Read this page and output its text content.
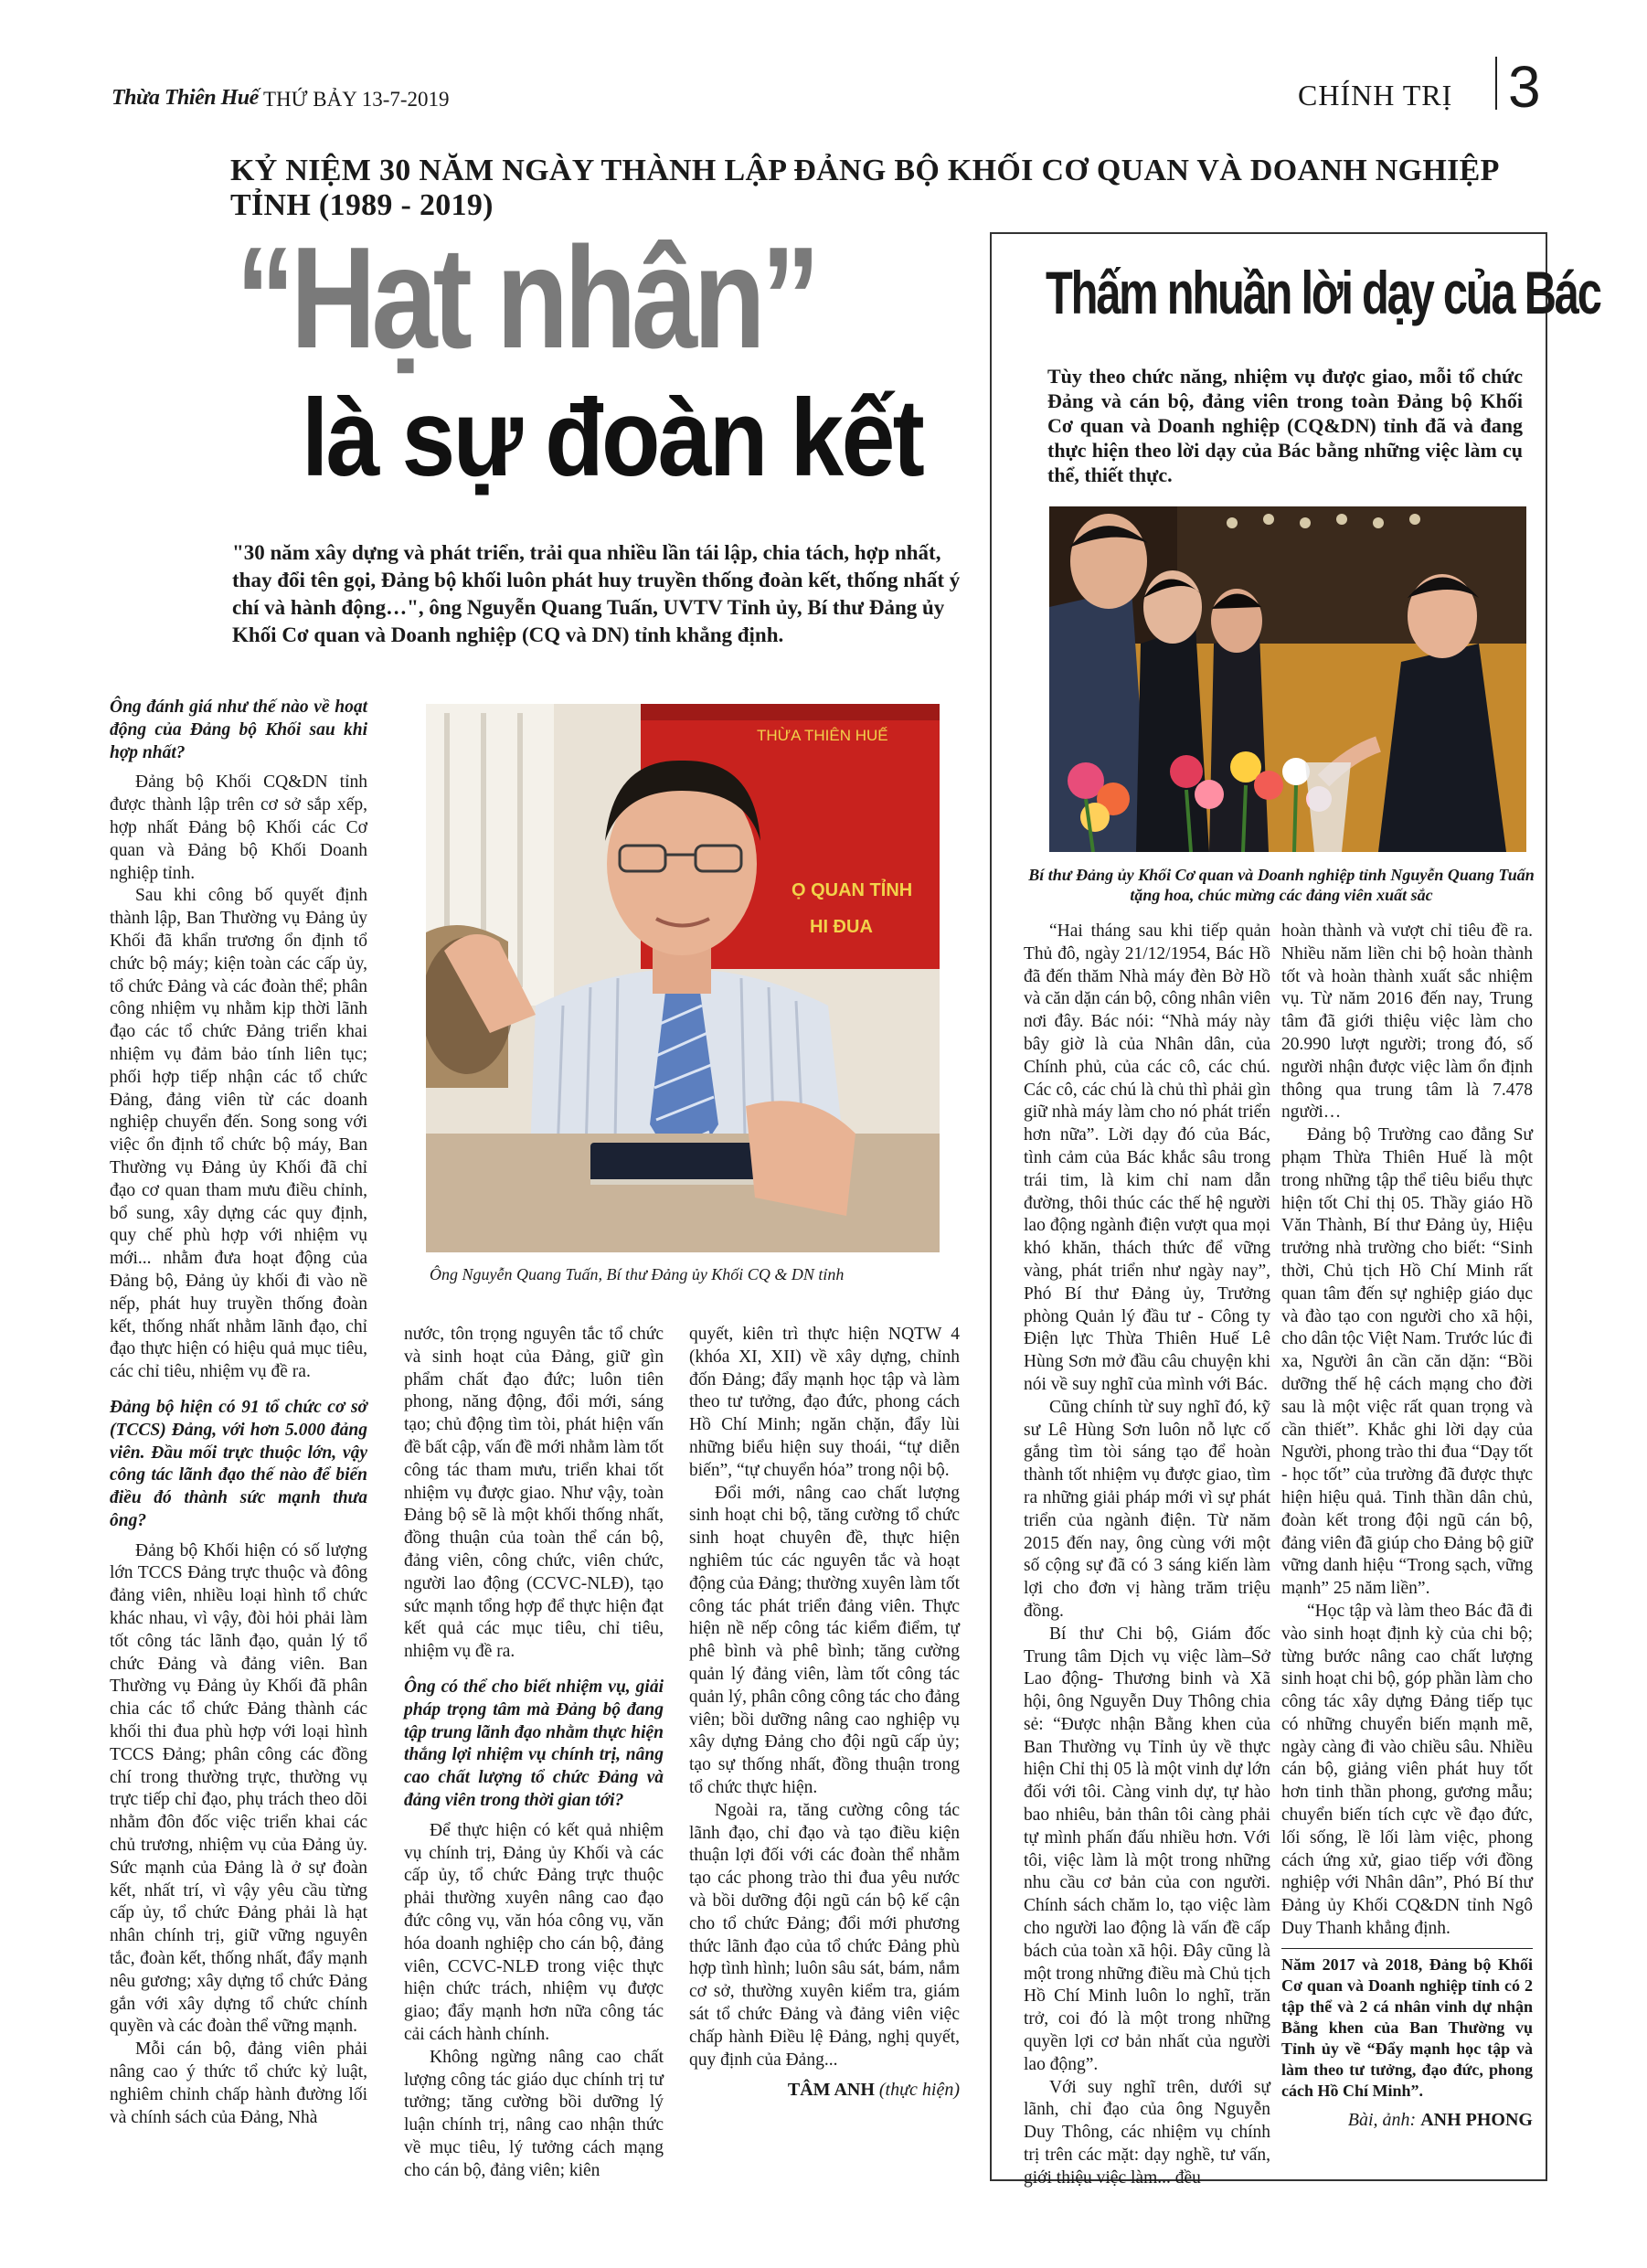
Thừa Thiên Huế THỨ BẢY 13-7-2019	CHÍNH TRỊ 3
KỶ NIỆM 30 NĂM NGÀY THÀNH LẬP ĐẢNG BỘ KHỐI CƠ QUAN VÀ DOANH NGHIỆP TỈNH (1989 - 2019)
“Hạt nhân”
là sự đoàn kết
"30 năm xây dựng và phát triển, trải qua nhiều lần tái lập, chia tách, hợp nhất, thay đổi tên gọi, Đảng bộ khối luôn phát huy truyền thống đoàn kết, thống nhất ý chí và hành động…", ông Nguyễn Quang Tuấn, UVTV Tỉnh ủy, Bí thư Đảng ủy Khối Cơ quan và Doanh nghiệp (CQ và DN) tỉnh khẳng định.
THỪA THIÊN HUẾ
Ọ QUAN TỈNH
HI ĐUA
Ông Nguyễn Quang Tuấn, Bí thư Đảng ủy Khối CQ & DN tỉnh

Ông đánh giá như thế nào về hoạt động của Đảng bộ Khối sau khi hợp nhất?

Đảng bộ Khối CQ&DN tỉnh được thành lập trên cơ sở sắp xếp, hợp nhất Đảng bộ Khối các Cơ quan và Đảng bộ Khối Doanh nghiệp tỉnh.

Sau khi công bố quyết định thành lập, Ban Thường vụ Đảng ủy Khối đã khẩn trương ổn định tổ chức bộ máy; kiện toàn các cấp ủy, tổ chức Đảng và các đoàn thể; phân công nhiệm vụ nhằm kịp thời lãnh đạo các tổ chức Đảng triển khai nhiệm vụ đảm bảo tính liên tục; phối hợp tiếp nhận các tổ chức Đảng, đảng viên từ các doanh nghiệp chuyển đến. Song song với việc ổn định tổ chức bộ máy, Ban Thường vụ Đảng ủy Khối đã chỉ đạo cơ quan tham mưu điều chỉnh, bổ sung, xây dựng các quy định, quy chế phù hợp với nhiệm vụ mới... nhằm đưa hoạt động của Đảng bộ, Đảng ủy khối đi vào nề nếp, phát huy truyền thống đoàn kết, thống nhất nhằm lãnh đạo, chỉ đạo thực hiện có hiệu quả mục tiêu, các chỉ tiêu, nhiệm vụ đề ra.

Đảng bộ hiện có 91 tổ chức cơ sở (TCCS) Đảng, với hơn 5.000 đảng viên. Đầu mối trực thuộc lớn, vậy công tác lãnh đạo thế nào để biến điều đó thành sức mạnh thưa ông?

Đảng bộ Khối hiện có số lượng lớn TCCS Đảng trực thuộc và đông đảng viên, nhiều loại hình tổ chức khác nhau, vì vậy, đòi hỏi phải làm tốt công tác lãnh đạo, quản lý tổ chức Đảng và đảng viên. Ban Thường vụ Đảng ủy Khối đã phân chia các tổ chức Đảng thành các khối thi đua phù hợp với loại hình TCCS Đảng; phân công các đồng chí trong thường trực, thường vụ trực tiếp chỉ đạo, phụ trách theo dõi nhằm đôn đốc việc triển khai các chủ trương, nhiệm vụ của Đảng ủy. Sức mạnh của Đảng là ở sự đoàn kết, nhất trí, vì vậy yêu cầu từng cấp ủy, tổ chức Đảng phải là hạt nhân chính trị, giữ vững nguyên tắc, đoàn kết, thống nhất, đẩy mạnh nêu gương; xây dựng tổ chức Đảng gắn với xây dựng tổ chức chính quyền và các đoàn thể vững mạnh.

Mỗi cán bộ, đảng viên phải nâng cao ý thức tổ chức kỷ luật, nghiêm chỉnh chấp hành đường lối và chính sách của Đảng, Nhà

nước, tôn trọng nguyên tắc tổ chức và sinh hoạt của Đảng, giữ gìn phẩm chất đạo đức; luôn tiên phong, năng động, đổi mới, sáng tạo; chủ động tìm tòi, phát hiện vấn đề bất cập, vấn đề mới nhằm làm tốt công tác tham mưu, triển khai tốt nhiệm vụ được giao. Như vậy, toàn Đảng bộ sẽ là một khối thống nhất, đồng thuận của toàn thể cán bộ, đảng viên, công chức, viên chức, người lao động (CCVC-NLĐ), tạo sức mạnh tổng hợp để thực hiện đạt kết quả các mục tiêu, chỉ tiêu, nhiệm vụ đề ra.

Ông có thể cho biết nhiệm vụ, giải pháp trọng tâm mà Đảng bộ đang tập trung lãnh đạo nhằm thực hiện thắng lợi nhiệm vụ chính trị, nâng cao chất lượng tổ chức Đảng và đảng viên trong thời gian tới?

Để thực hiện có kết quả nhiệm vụ chính trị, Đảng ủy Khối và các cấp ủy, tổ chức Đảng trực thuộc phải thường xuyên nâng cao đạo đức công vụ, văn hóa công vụ, văn hóa doanh nghiệp cho cán bộ, đảng viên, CCVC-NLĐ trong việc thực hiện chức trách, nhiệm vụ được giao; đẩy mạnh hơn nữa công tác cải cách hành chính.

Không ngừng nâng cao chất lượng công tác giáo dục chính trị tư tưởng; tăng cường bồi dưỡng lý luận chính trị, nâng cao nhận thức về mục tiêu, lý tưởng cách mạng cho cán bộ, đảng viên; kiên

quyết, kiên trì thực hiện NQTW 4 (khóa XI, XII) về xây dựng, chỉnh đốn Đảng; đẩy mạnh học tập và làm theo tư tưởng, đạo đức, phong cách Hồ Chí Minh; ngăn chặn, đẩy lùi những biểu hiện suy thoái, “tự diễn biến”, “tự chuyển hóa” trong nội bộ.

Đổi mới, nâng cao chất lượng sinh hoạt chi bộ, tăng cường tổ chức sinh hoạt chuyên đề, thực hiện nghiêm túc các nguyên tắc và hoạt động của Đảng; thường xuyên làm tốt công tác phát triển đảng viên. Thực hiện nề nếp công tác kiểm điểm, tự phê bình và phê bình; tăng cường quản lý đảng viên, làm tốt công tác quản lý, phân công công tác cho đảng viên; bồi dưỡng nâng cao nghiệp vụ xây dựng Đảng cho đội ngũ cấp ủy; tạo sự thống nhất, đồng thuận trong tổ chức thực hiện.

Ngoài ra, tăng cường công tác lãnh đạo, chỉ đạo và tạo điều kiện thuận lợi đối với các đoàn thể nhằm tạo các phong trào thi đua yêu nước và bồi dưỡng đội ngũ cán bộ kế cận cho tổ chức Đảng; đổi mới phương thức lãnh đạo của tổ chức Đảng phù hợp tình hình; luôn sâu sát, bám, nắm cơ sở, thường xuyên kiểm tra, giám sát tổ chức Đảng và đảng viên việc chấp hành Điều lệ Đảng, nghị quyết, quy định của Đảng...

TÂM ANH (thực hiện)
Thấm nhuần lời dạy của Bác
Tùy theo chức năng, nhiệm vụ được giao, mỗi tổ chức Đảng và cán bộ, đảng viên trong toàn Đảng bộ Khối Cơ quan và Doanh nghiệp (CQ&DN) tỉnh đã và đang thực hiện theo lời dạy của Bác bằng những việc làm cụ thể, thiết thực.
Bí thư Đảng ủy Khối Cơ quan và Doanh nghiệp tỉnh Nguyễn Quang Tuấn tặng hoa, chúc mừng các đảng viên xuất sắc

“Hai tháng sau khi tiếp quản Thủ đô, ngày 21/12/1954, Bác Hồ đã đến thăm Nhà máy đèn Bờ Hồ và căn dặn cán bộ, công nhân viên nơi đây. Bác nói: “Nhà máy này bây giờ là của Nhân dân, của Chính phủ, của các cô, các chú. Các cô, các chú là chủ thì phải gìn giữ nhà máy làm cho nó phát triển hơn nữa”. Lời dạy đó của Bác, tình cảm của Bác khắc sâu trong trái tim, là kim chỉ nam dẫn đường, thôi thúc các thế hệ người lao động ngành điện vượt qua mọi khó khăn, thách thức để vững vàng, phát triển như ngày nay”, Phó Bí thư Đảng ủy, Trưởng phòng Quản lý đầu tư - Công ty Điện lực Thừa Thiên Huế Lê Hùng Sơn mở đầu câu chuyện khi nói về suy nghĩ của mình với Bác.

Cũng chính từ suy nghĩ đó, kỹ sư Lê Hùng Sơn luôn nỗ lực cố gắng tìm tòi sáng tạo để hoàn thành tốt nhiệm vụ được giao, tìm ra những giải pháp mới vì sự phát triển của ngành điện. Từ năm 2015 đến nay, ông cùng với một số cộng sự đã có 3 sáng kiến làm lợi cho đơn vị hàng trăm triệu đồng.

Bí thư Chi bộ, Giám đốc Trung tâm Dịch vụ việc làm–Sở Lao động- Thương binh và Xã hội, ông Nguyễn Duy Thông chia sẻ: “Được nhận Bằng khen của Ban Thường vụ Tỉnh ủy về thực hiện Chỉ thị 05 là một vinh dự lớn đối với tôi. Càng vinh dự, tự hào bao nhiêu, bản thân tôi càng phải tự mình phấn đấu nhiều hơn. Với tôi, việc làm là một trong những nhu cầu cơ bản của con người. Chính sách chăm lo, tạo việc làm cho người lao động là vấn đề cấp bách của toàn xã hội. Đây cũng là một trong những điều mà Chủ tịch Hồ Chí Minh luôn lo nghĩ, trăn trở, coi đó là một trong những quyền lợi cơ bản nhất của người lao động”.

Với suy nghĩ trên, dưới sự lãnh, chỉ đạo của ông Nguyễn Duy Thông, các nhiệm vụ chính trị trên các mặt: dạy nghề, tư vấn, giới thiệu việc làm... đều

hoàn thành và vượt chỉ tiêu đề ra. Nhiều năm liền chi bộ hoàn thành tốt và hoàn thành xuất sắc nhiệm vụ. Từ năm 2016 đến nay, Trung tâm đã giới thiệu việc làm cho 20.990 lượt người; trong đó, số người nhận được việc làm ổn định thông qua trung tâm là 7.478 người…

Đảng bộ Trường cao đẳng Sư phạm Thừa Thiên Huế là một trong những tập thể tiêu biểu thực hiện tốt Chỉ thị 05. Thầy giáo Hồ Văn Thành, Bí thư Đảng ủy, Hiệu trưởng nhà trường cho biết: “Sinh thời, Chủ tịch Hồ Chí Minh rất quan tâm đến sự nghiệp giáo dục và đào tạo con người cho xã hội, cho dân tộc Việt Nam. Trước lúc đi xa, Người ân cần căn dặn: “Bồi dưỡng thế hệ cách mạng cho đời sau là một việc rất quan trọng và cần thiết”. Khắc ghi lời dạy của Người, phong trào thi đua “Dạy tốt - học tốt” của trường đã được thực hiện hiệu quả. Tinh thần dân chủ, đoàn kết trong đội ngũ cán bộ, đảng viên đã giúp cho Đảng bộ giữ vững danh hiệu “Trong sạch, vững mạnh” 25 năm liền”.

“Học tập và làm theo Bác đã đi vào sinh hoạt định kỳ của chi bộ; từng bước nâng cao chất lượng sinh hoạt chi bộ, góp phần làm cho công tác xây dựng Đảng tiếp tục có những chuyển biến mạnh mẽ, ngày càng đi vào chiều sâu. Nhiều cán bộ, giảng viên phát huy tốt hơn tinh thần phong, gương mẫu; chuyển biến tích cực về đạo đức, lối sống, lề lối làm việc, phong cách ứng xử, giao tiếp với đồng nghiệp với Nhân dân”, Phó Bí thư Đảng ủy Khối CQ&DN tỉnh Ngô Duy Thanh khẳng định.

Năm 2017 và 2018, Đảng bộ Khối Cơ quan và Doanh nghiệp tỉnh có 2 tập thể và 2 cá nhân vinh dự nhận Bằng khen của Ban Thường vụ Tỉnh ủy về “Đẩy mạnh học tập và làm theo tư tưởng, đạo đức, phong cách Hồ Chí Minh”.

Bài, ảnh: ANH PHONG
